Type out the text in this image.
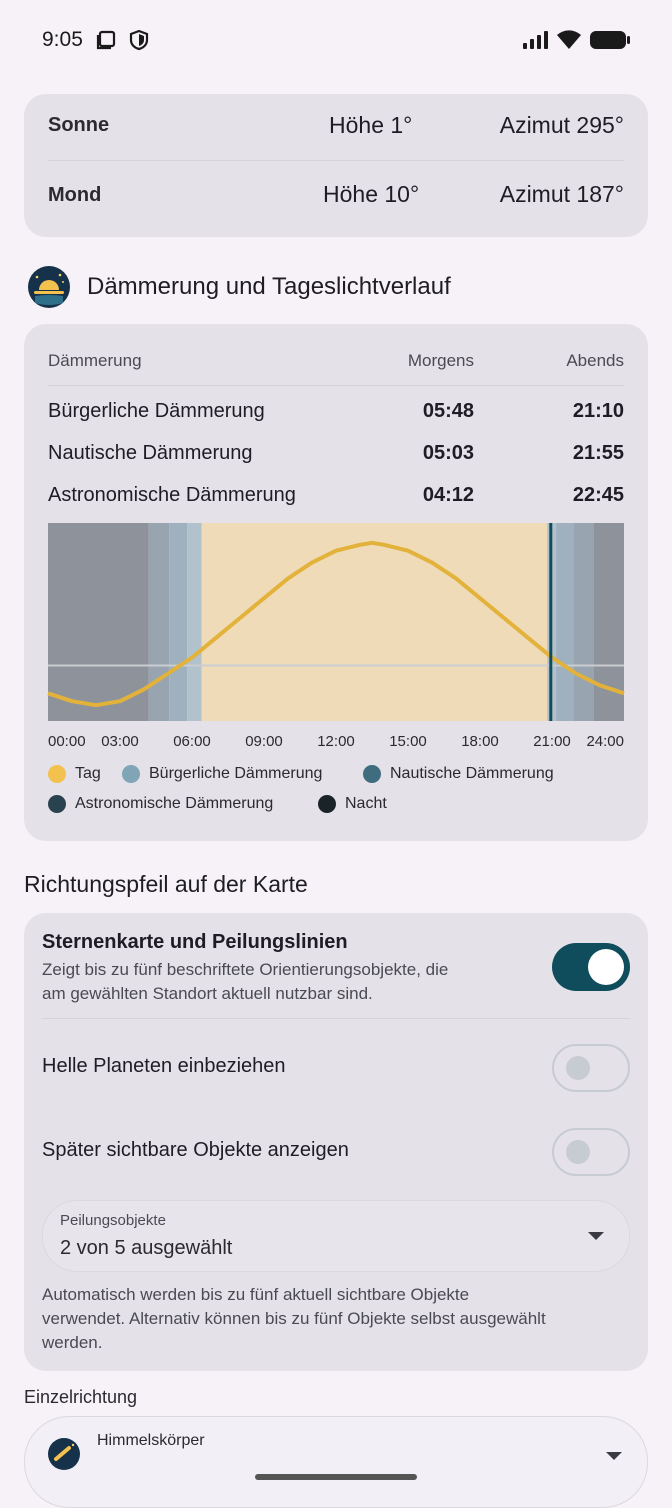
9:05
Sonne	Höhe 1°	Azimut 295°
Mond	Höhe 10°	Azimut 187°
Dämmerung und Tageslichtverlauf
Dämmerung	Morgens	Abends
Bürgerliche Dämmerung	05:48	21:10
Nautische Dämmerung	05:03	21:55
Astronomische Dämmerung	04:12	22:45
00:00 03:00 06:00 09:00 12:00 15:00 18:00 21:00 24:00
Tag	Bürgerliche Dämmerung	Nautische Dämmerung
Astronomische Dämmerung	Nacht
Richtungspfeil auf der Karte
Sternenkarte und Peilungslinien
Zeigt bis zu fünf beschriftete Orientierungsobjekte, die
am gewählten Standort aktuell nutzbar sind.
Helle Planeten einbeziehen
Später sichtbare Objekte anzeigen
Peilungsobjekte
2 von 5 ausgewählt
Automatisch werden bis zu fünf aktuell sichtbare Objekte
verwendet. Alternativ können bis zu fünf Objekte selbst ausgewählt
werden.
Einzelrichtung
Himmelskörper
